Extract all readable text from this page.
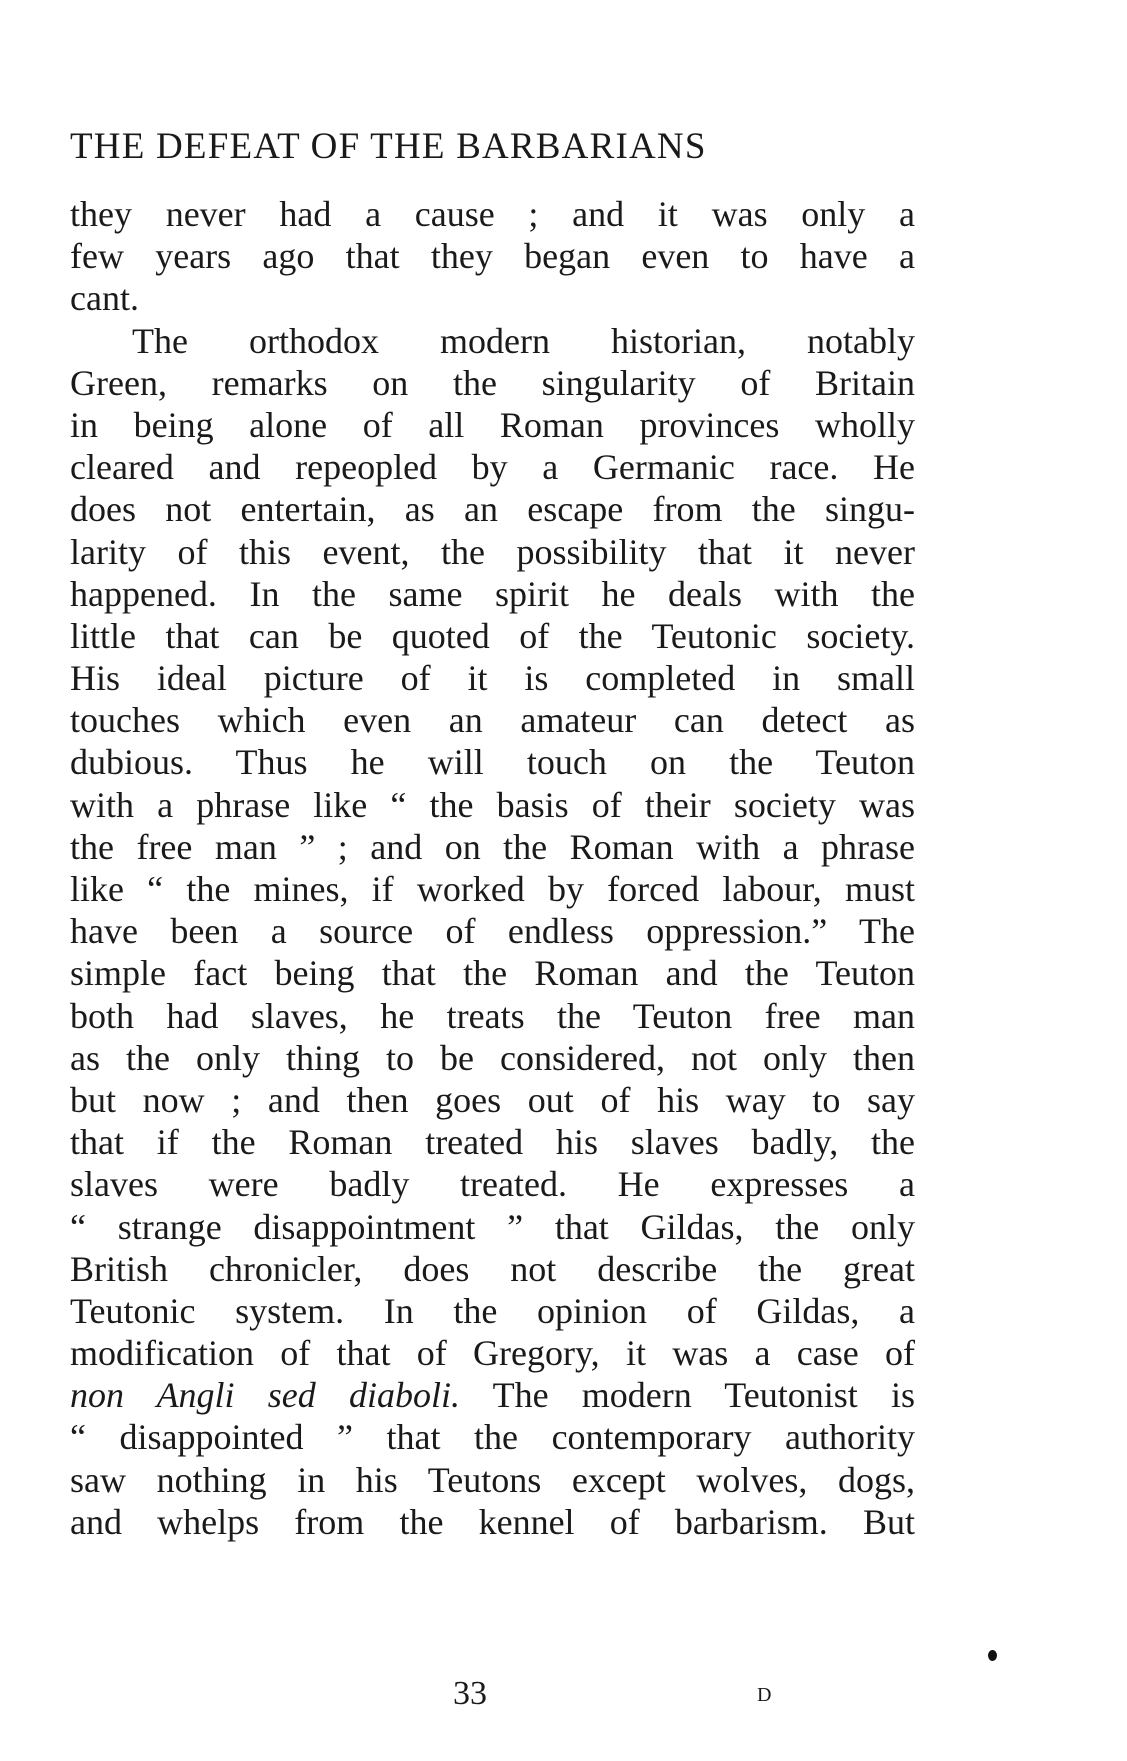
THE DEFEAT OF THE BARBARIANS
they never had a cause ; and it was only a
few years ago that they began even to have a
cant.
The orthodox modern historian, notably
Green, remarks on the singularity of Britain
in being alone of all Roman provinces wholly
cleared and repeopled by a Germanic race. He
does not entertain, as an escape from the singu-
larity of this event, the possibility that it never
happened. In the same spirit he deals with the
little that can be quoted of the Teutonic society.
His ideal picture of it is completed in small
touches which even an amateur can detect as
dubious. Thus he will touch on the Teuton
with a phrase like “ the basis of their society was
the free man ” ; and on the Roman with a phrase
like “ the mines, if worked by forced labour, must
have been a source of endless oppression.” The
simple fact being that the Roman and the Teuton
both had slaves, he treats the Teuton free man
as the only thing to be considered, not only then
but now ; and then goes out of his way to say
that if the Roman treated his slaves badly, the
slaves were badly treated. He expresses a
“ strange disappointment ” that Gildas, the only
British chronicler, does not describe the great
Teutonic system. In the opinion of Gildas, a
modification of that of Gregory, it was a case of
non Angli sed diaboli. The modern Teutonist is
“ disappointed ” that the contemporary authority
saw nothing in his Teutons except wolves, dogs,
and whelps from the kennel of barbarism. But
33	D
